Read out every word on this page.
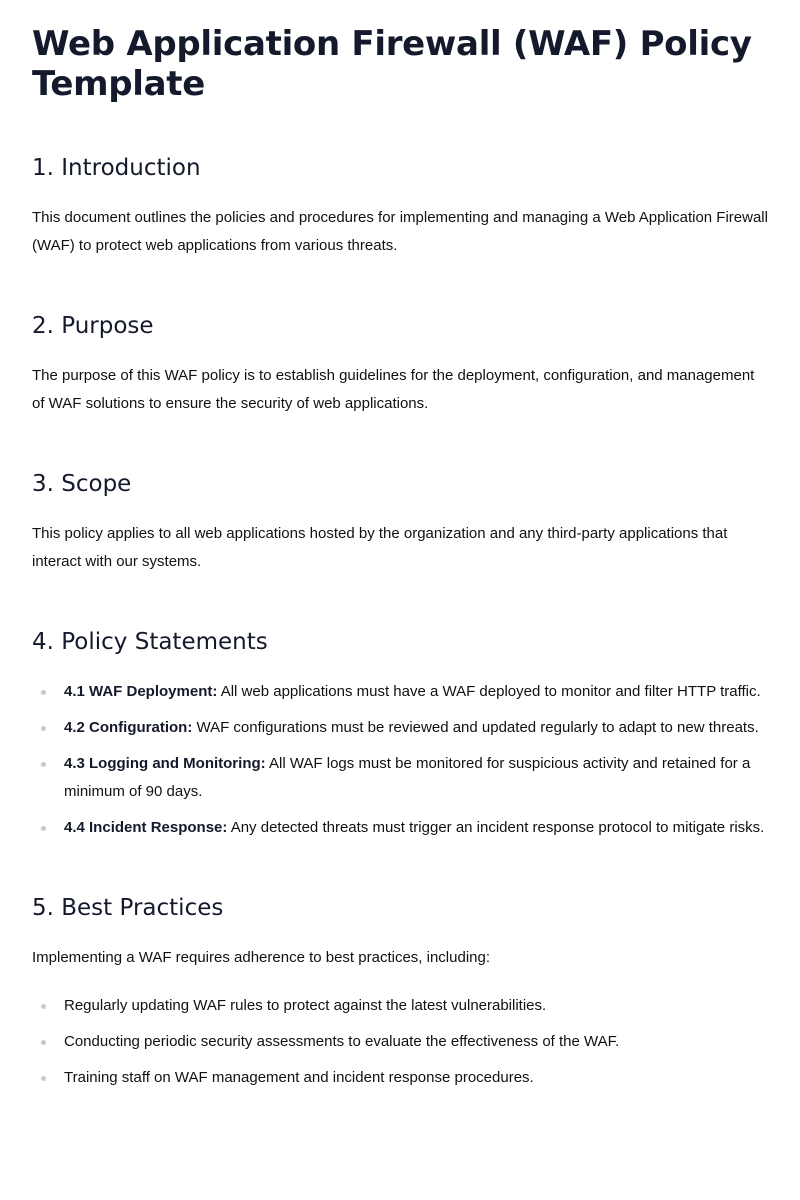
Web Application Firewall (WAF) Policy Template
1. Introduction

This document outlines the policies and procedures for implementing and managing a Web Application Firewall (WAF) to protect web applications from various threats.

2. Purpose

The purpose of this WAF policy is to establish guidelines for the deployment, configuration, and management of WAF solutions to ensure the security of web applications.

3. Scope

This policy applies to all web applications hosted by the organization and any third-party applications that interact with our systems.

4. Policy Statements
4.1 WAF Deployment: All web applications must have a WAF deployed to monitor and filter HTTP traffic.
4.2 Configuration: WAF configurations must be reviewed and updated regularly to adapt to new threats.
4.3 Logging and Monitoring: All WAF logs must be monitored for suspicious activity and retained for a minimum of 90 days.
4.4 Incident Response: Any detected threats must trigger an incident response protocol to mitigate risks.
5. Best Practices

Implementing a WAF requires adherence to best practices, including:

Regularly updating WAF rules to protect against the latest vulnerabilities.
Conducting periodic security assessments to evaluate the effectiveness of the WAF.
Training staff on WAF management and incident response procedures.
